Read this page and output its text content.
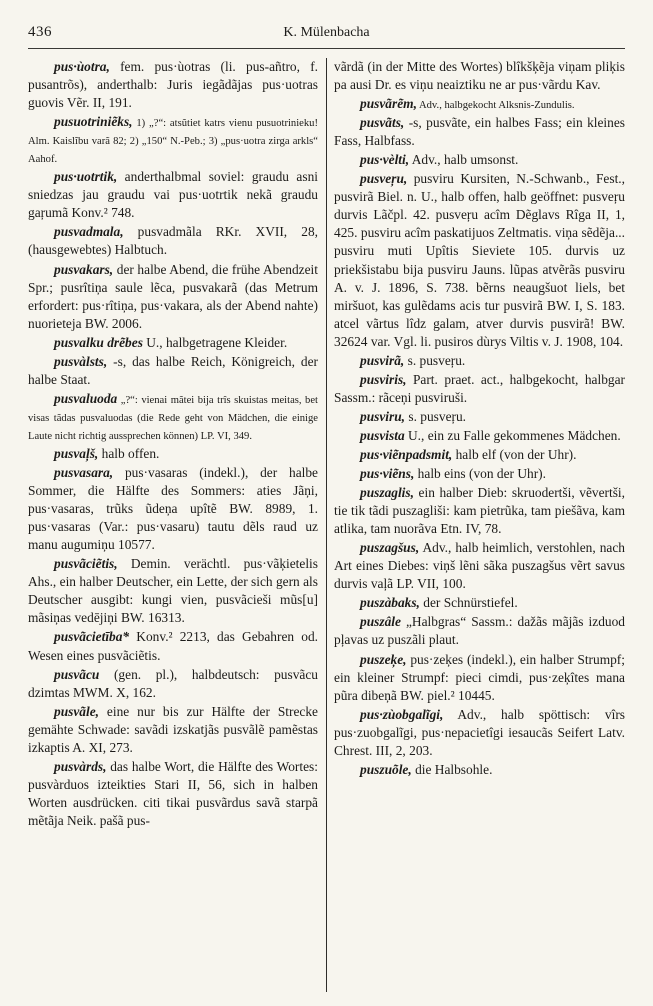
436	K. Mülenbacha

pus·ùotra, fem. pus·ùotras (li. pus-añtro, f. pusantrõs), anderthalb: Juris iegãdãjas pus·uotras guovis Vẽr. II, 191.

pusuotriniẽks, 1) „?“: atsũtiet katrs vienu pusuotrinieku! Alm. Kaislĩbu varã 82; 2) „150“ N.-Peb.; 3) „pus·uotra zirga arkls“ Aahof.

pus·uotrtik, anderthalbmal soviel: graudu asni sniedzas jau graudu vai pus·uotrtik nekã graudu gaŗumã Konv.² 748.

pusvadmala, pusvadmãla RKr. XVII, 28, (hausgewebtes) Halbtuch.

pusvakars, der halbe Abend, die frühe Abendzeit Spr.; pusrîtiņa saule lẽca, pusvakarã (das Metrum erfordert: pus·rîtiņa, pus·vakara, als der Abend nahte) nuorieteja BW. 2006.

pusvalku drẽbes U., halbgetragene Kleider.

pusvàlsts, -s, das halbe Reich, Königreich, der halbe Staat.

pusvaluoda „?“: vienai mãtei bija trîs skuistas meitas, bet visas tãdas pusvaluodas (die Rede geht von Mädchen, die einige Laute nicht richtig aussprechen können) LP. VI, 349.

pusvaļš, halb offen.

pusvasara, pus·vasaras (indekl.), der halbe Sommer, die Hälfte des Sommers: aties Jãņi, pus·vasaras, trũks ũdeņa upîtẽ BW. 8989, 1. pus·vasaras (Var.: pus·vasaru) tautu dẽls raud uz manu augumiņu 10577.

pusvãciẽtis, Demin. verächtl. pus·vãķietelis Ahs., ein halber Deutscher, ein Lette, der sich gern als Deutscher ausgibt: kungi vien, pusvãcieši mũs[u] mãsiņas vedējiņi BW. 16313.

pusvãcietība* Konv.² 2213, das Gebahren od. Wesen eines pusvãciẽtis.

pusvãcu (gen. pl.), halbdeutsch: pusvãcu dzimtas MWM. X, 162.

pusvãle, eine nur bis zur Hälfte der Strecke gemähte Schwade: savãdi izskatjãs pusvãlẽ pamẽstas izkaptis A. XI, 273.

pusvàrds, das halbe Wort, die Hälfte des Wortes: pusvàrduos izteikties Stari II, 56, sich in halben Worten ausdrücken. citi tikai pusvãrdus savã starpã mẽtãja Neik. pašã pus-

vãrdã (in der Mitte des Wortes) blîkšķẽja viņam pliķis pa ausi Dr. es viņu neaiztiku ne ar pus·vãrdu Kav.

pusvãrẽm, Adv., halbgekocht Alksnis-Zundulis.

pusvãts, -s, pusvãte, ein halbes Fass; ein kleines Fass, Halbfass.

pus·vèlti, Adv., halb umsonst.

pusveŗu, pusviru Kursiten, N.-Schwanb., Fest., pusvirã Biel. n. U., halb offen, halb geöffnet: pusveŗu durvis Lãčpl. 42. pusveŗu acîm Dẽglavs Rîga II, 1, 425. pusviru acîm paskatijuos Zeltmatis. viņa sẽdẽja... pusviru muti Upîtis Sieviete 105. durvis uz priekšistabu bija pusviru Jauns. lũpas atvẽrãs pusviru A. v. J. 1896, S. 738. bẽrns neaugšuot liels, bet miršuot, kas gulẽdams acis tur pusvirã BW. I, S. 183. atcel vãrtus lîdz galam, atver durvis pusvirã! BW. 32624 var. Vgl. li. pusiros dùrys Viltis v. J. 1908, 104.

pusvirã, s. pusveŗu.

pusviris, Part. praet. act., halbgekocht, halbgar Sassm.: rãceņi pusviruši.

pusviru, s. pusveŗu.

pusvista U., ein zu Falle gekommenes Mädchen.

pus·viẽnpadsmit, halb elf (von der Uhr).

pus·viẽns, halb eins (von der Uhr).

puszaglis, ein halber Dieb: skruodertši, vẽvertši, tie tik tãdi puszagliši: kam pietrũka, tam piešãva, kam atlika, tam nuorãva Etn. IV, 78.

puszagšus, Adv., halb heimlich, verstohlen, nach Art eines Diebes: viņš lẽni sãka puszagšus vẽrt savus durvis vaļã LP. VII, 100.

puszàbaks, der Schnürstiefel.

puszâle „Halbgras“ Sassm.: dažãs mãjãs izduod pļavas uz puszãli plaut.

puszeķe, pus·zeķes (indekl.), ein halber Strumpf; ein kleiner Strumpf: pieci cimdi, pus·zeķîtes mana pũra dibeņã BW. piel.² 10445.

pus·zùobgalĩgi, Adv., halb spöttisch: vîrs pus·zuobgalĩgi, pus·nepacietîgi iesaucãs Seifert Latv. Chrest. III, 2, 203.

puszuõle, die Halbsohle.
